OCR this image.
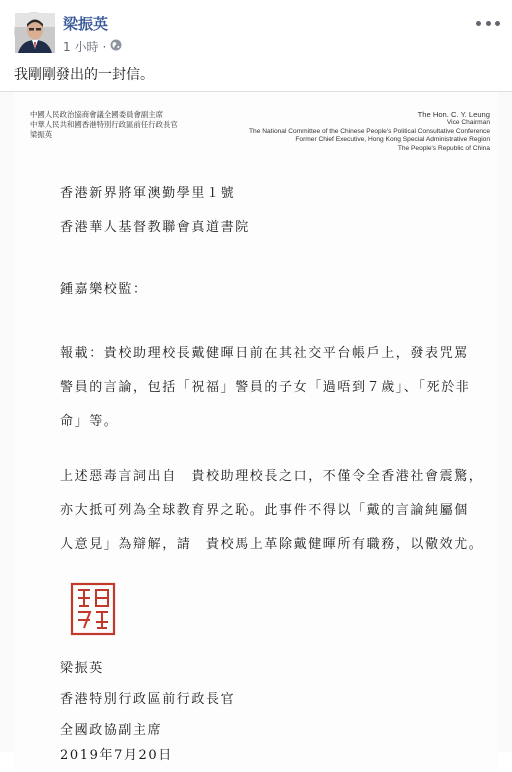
梁振英
1 小時 ·
我剛剛發出的一封信。
中國人民政治協商會議全國委員會副主席
中華人民共和國香港特別行政區前任行政長官
梁振英
The Hon. C. Y. Leung
Vice Chairman
The National Committee of the Chinese People's Political Consultative Conference
Former Chief Executive, Hong Kong Special Administrative Region
The People's Republic of China
香港新界將軍澳勤學里１號
香港華人基督教聯會真道書院
鍾嘉樂校監：
報載：貴校助理校長戴健暉日前在其社交平台帳戶上，發表咒罵
警員的言論，包括「祝福」警員的子女「過唔到７歲」、「死於非
命」等。
上述惡毒言詞出自　貴校助理校長之口，不僅令全香港社會震驚，
亦大抵可列為全球教育界之恥。此事件不得以「戴的言論純屬個
人意見」為辯解，請　貴校馬上革除戴健暉所有職務，以儆效尤。
梁振英
香港特別行政區前行政長官
全國政協副主席
2019年7月20日
